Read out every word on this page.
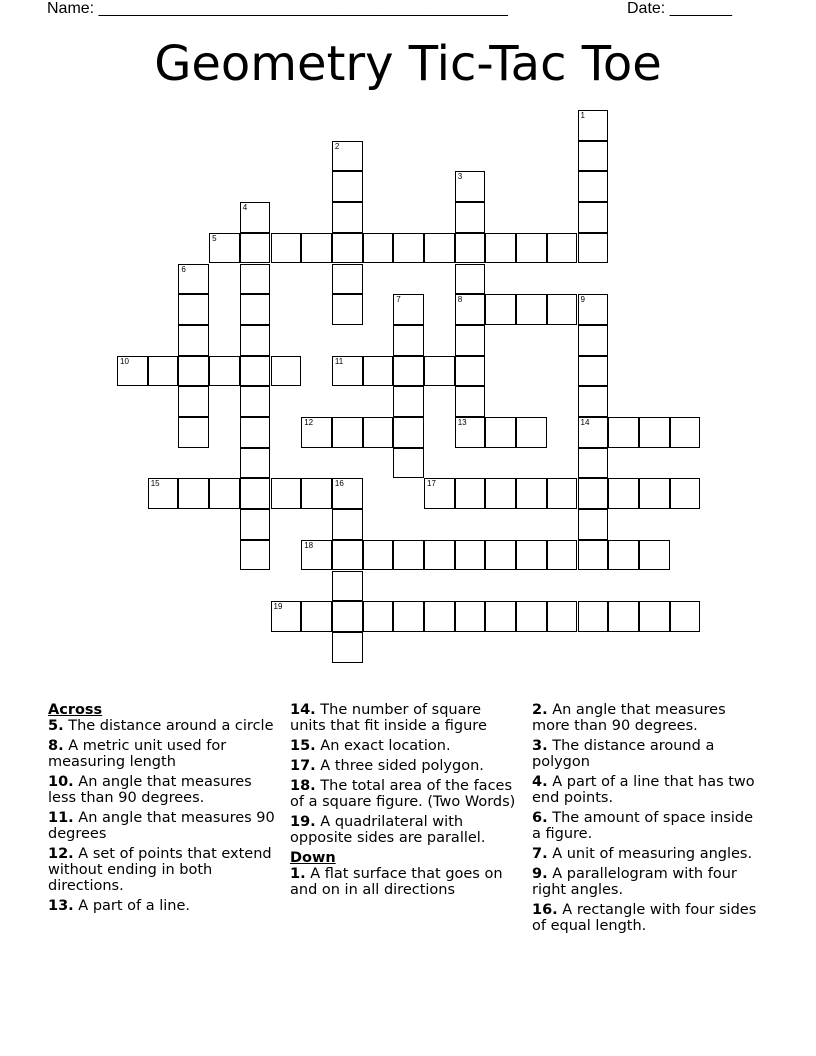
Name: ______________________________________________	Date: _______
Geometry Tic-Tac Toe
1
2
3
8
13
4
5
6
7	9
14
10	11
12
15	16	17
18
19
Across
5. The distance around a circle
8. A metric unit used for measuring length
10. An angle that measures less than 90 degrees.
11. An angle that measures 90 degrees
12. A set of points that extend without ending in both directions.
13. A part of a line.
14. The number of square units that fit inside a figure
15. An exact location.
17. A three sided polygon.
18. The total area of the faces of a square figure. (Two Words)
19. A quadrilateral with opposite sides are parallel.
Down
1. A flat surface that goes on and on in all directions
2. An angle that measures more than 90 degrees.
3. The distance around a polygon
4. A part of a line that has two end points.
6. The amount of space inside a figure.
7. A unit of measuring angles.
9. A parallelogram with four right angles.
16. A rectangle with four sides of equal length.
